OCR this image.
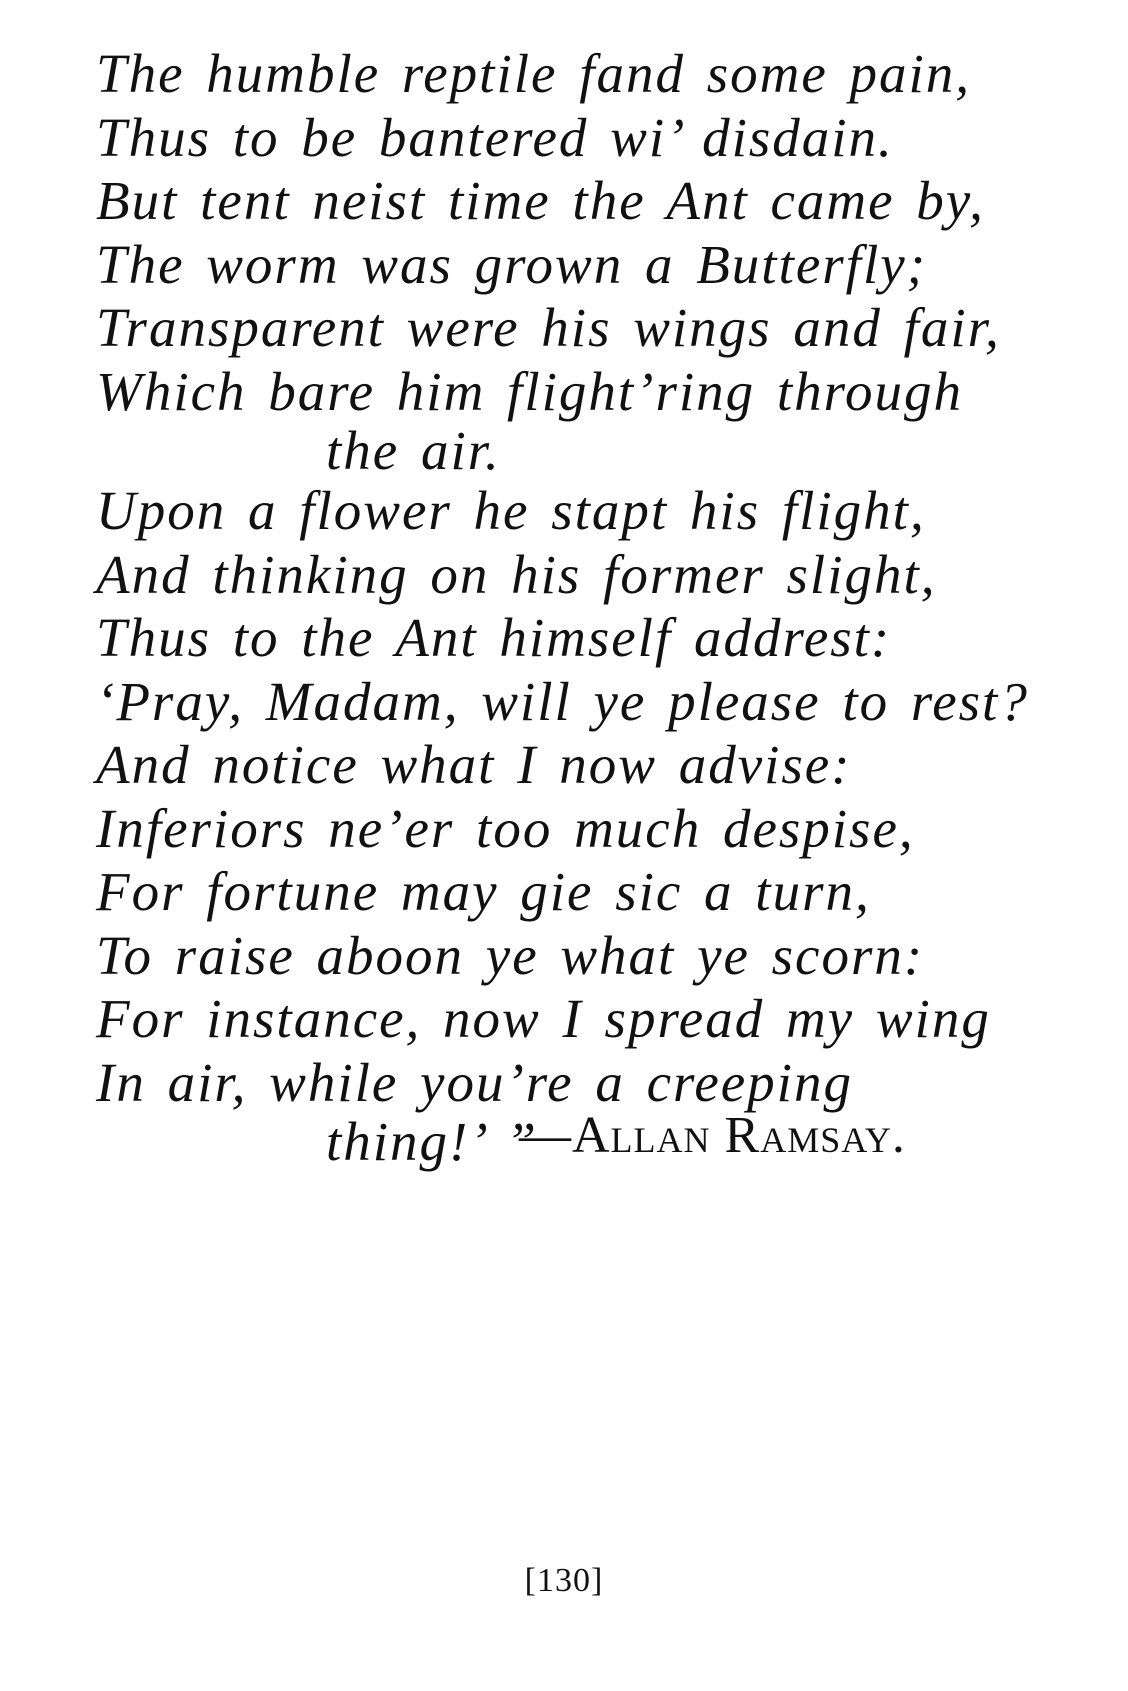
The humble reptile fand some pain,
Thus to be bantered wi’ disdain.
But tent neist time the Ant came by,
The worm was grown a Butterfly;
Transparent were his wings and fair,
Which bare him flight’ring through
the air.
Upon a flower he stapt his flight,
And thinking on his former slight,
Thus to the Ant himself addrest:
‘Pray, Madam, will ye please to rest?
And notice what I now advise:
Inferiors ne’er too much despise,
For fortune may gie sic a turn,
To raise aboon ye what ye scorn:
For instance, now I spread my wing
In air, while you’re a creeping
thing!’ ”
—Allan Ramsay.
[130]
